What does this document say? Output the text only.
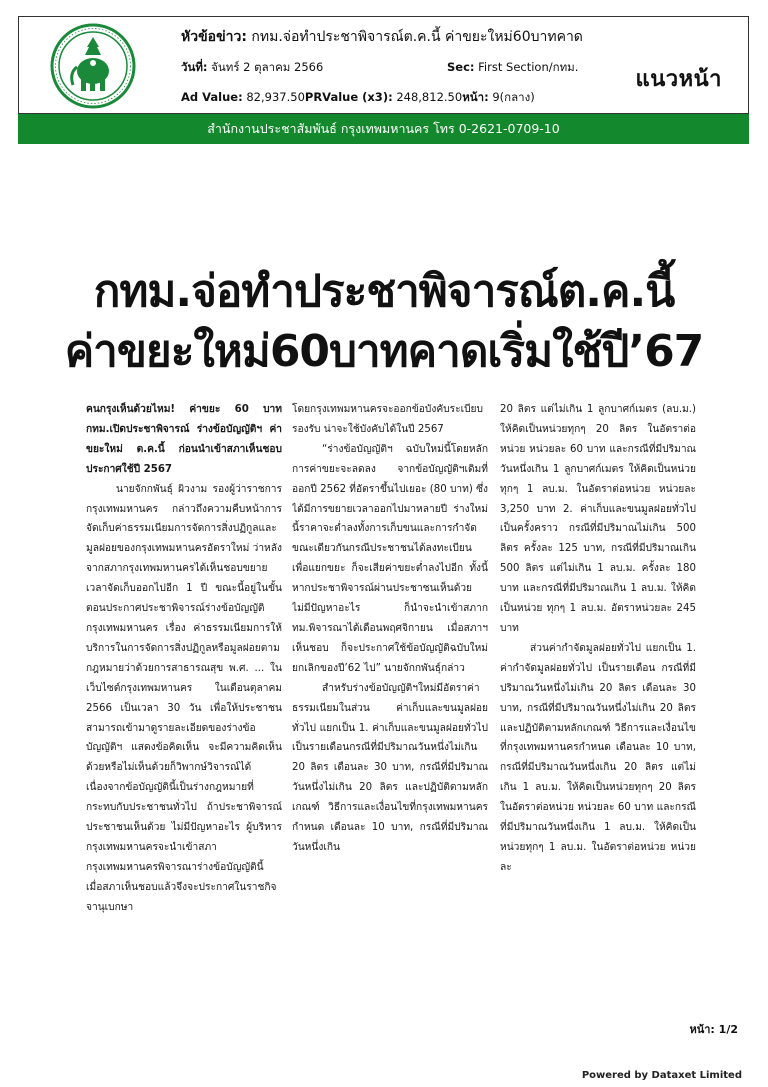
หัวข้อข่าว: กทม.จ่อทำประชาพิจารณ์ต.ค.นี้ ค่าขยะใหม่60บาทคาด
วันที่: จันทร์ 2 ตุลาคม 2566	Sec: First Section/กทม.
Ad Value: 82,937.50PRValue (x3): 248,812.50หน้า: 9(กลาง)
แนวหน้า
สำนักงานประชาสัมพันธ์ กรุงเทพมหานคร โทร 0-2621-0709-10
กทม.จ่อทำประชาพิจารณ์ต.ค.นี้
ค่าขยะใหม่60บาทคาดเริ่มใช้ปี’67

คนกรุงเห็นด้วยไหม! ค่าขยะ 60 บาท กทม.เปิดประชาพิจารณ์ ร่างข้อบัญญัติฯ ค่าขยะใหม่ ต.ค.นี้ ก่อนนำเข้าสภาเห็นชอบ ประกาศใช้ปี 2567

นายจักกพันธุ์ ผิวงาม รองผู้ว่าราชการกรุงเทพมหานคร กล่าวถึงความคืบหน้าการจัดเก็บค่าธรรมเนียมการจัดการสิ่งปฏิกูลและมูลฝอยของกรุงเทพมหานครอัตราใหม่ ว่าหลังจากสภากรุงเทพมหานครได้เห็นชอบขยายเวลาจัดเก็บออกไปอีก 1 ปี ขณะนี้อยู่ในขั้นตอนประกาศประชาพิจารณ์ร่างข้อบัญญัติกรุงเทพมหานคร เรื่อง ค่าธรรมเนียมการให้บริการในการจัดการสิ่งปฏิกูลหรือมูลฝอยตามกฎหมายว่าด้วยการสาธารณสุข พ.ศ. ... ในเว็บไซต์กรุงเทพมหานคร ในเดือนตุลาคม 2566 เป็นเวลา 30 วัน เพื่อให้ประชาชนสามารถเข้ามาดูรายละเอียดของร่างข้อบัญญัติฯ แสดงข้อคิดเห็น จะมีความคิดเห็นด้วยหรือไม่เห็นด้วยก็วิพากษ์วิจารณ์ได้ เนื่องจากข้อบัญญัตินี้เป็นร่างกฎหมายที่กระทบกับประชาชนทั่วไป ถ้าประชาพิจารณ์ประชาชนเห็นด้วย ไม่มีปัญหาอะไร ผู้บริหารกรุงเทพมหานครจะนำเข้าสภากรุงเทพมหานครพิจารณาร่างข้อบัญญัตินี้ เมื่อสภาเห็นชอบแล้วจึงจะประกาศในราชกิจจานุเบกษา

โดยกรุงเทพมหานครจะออกข้อบังคับระเบียบรองรับ น่าจะใช้บังคับได้ในปี 2567

“ร่างข้อบัญญัติฯ ฉบับใหม่นี้โดยหลักการค่าขยะจะลดลง จากข้อบัญญัติฯเดิมที่ออกปี 2562 ที่อัตราขึ้นไปเยอะ (80 บาท) ซึ่งได้มีการขยายเวลาออกไปมาหลายปี ร่างใหม่นี้ราคาจะต่ำลงทั้งการเก็บขนและการกำจัด ขณะเดียวกันกรณีประชาชนได้ลงทะเบียนเพื่อแยกขยะ ก็จะเสียค่าขยะต่ำลงไปอีก ทั้งนี้ หากประชาพิจารณ์ผ่านประชาชนเห็นด้วย ไม่มีปัญหาอะไร ก็นำจะนำเข้าสภากทม.พิจารณาได้เดือนพฤศจิกายน เมื่อสภาฯเห็นชอบ ก็จะประกาศใช้ข้อบัญญัติฉบับใหม่ ยกเลิกของปี’62 ไป” นายจักกพันธุ์กล่าว

สำหรับร่างข้อบัญญัติฯใหม่มีอัตราค่าธรรมเนียมในส่วน ค่าเก็บและขนมูลฝอยทั่วไป แยกเป็น 1. ค่าเก็บและขนมูลฝอยทั่วไป เป็นรายเดือนกรณีที่มีปริมาณวันหนึ่งไม่เกิน 20 ลิตร เดือนละ 30 บาท, กรณีที่มีปริมาณวันหนึ่งไม่เกิน 20 ลิตร และปฏิบัติตามหลักเกณฑ์ วิธีการและเงื่อนไขที่กรุงเทพมหานครกำหนด เดือนละ 10 บาท, กรณีที่มีปริมาณวันหนึ่งเกิน

20 ลิตร แต่ไม่เกิน 1 ลูกบาศก์เมตร (ลบ.ม.) ให้คิดเป็นหน่วยทุกๆ 20 ลิตร ในอัตราต่อหน่วย หน่วยละ 60 บาท และกรณีที่มีปริมาณวันหนึ่งเกิน 1 ลูกบาศก์เมตร ให้คิดเป็นหน่วยทุกๆ 1 ลบ.ม. ในอัตราต่อหน่วย หน่วยละ 3,250 บาท 2. ค่าเก็บและขนมูลฝอยทั่วไป เป็นครั้งคราว กรณีที่มีปริมาณไม่เกิน 500 ลิตร ครั้งละ 125 บาท, กรณีที่มีปริมาณเกิน 500 ลิตร แต่ไม่เกิน 1 ลบ.ม. ครั้งละ 180 บาท และกรณีที่มีปริมาณเกิน 1 ลบ.ม. ให้คิดเป็นหน่วย ทุกๆ 1 ลบ.ม. อัตราหน่วยละ 245 บาท

ส่วนค่ากำจัดมูลฝอยทั่วไป แยกเป็น 1. ค่ากำจัดมูลฝอยทั่วไป เป็นรายเดือน กรณีที่มีปริมาณวันหนึ่งไม่เกิน 20 ลิตร เดือนละ 30 บาท, กรณีที่มีปริมาณวันหนึ่งไม่เกิน 20 ลิตร และปฏิบัติตามหลักเกณฑ์ วิธีการและเงื่อนไขที่กรุงเทพมหานครกำหนด เดือนละ 10 บาท, กรณีที่มีปริมาณวันหนึ่งเกิน 20 ลิตร แต่ไม่เกิน 1 ลบ.ม. ให้คิดเป็นหน่วยทุกๆ 20 ลิตร ในอัตราต่อหน่วย หน่วยละ 60 บาท และกรณีที่มีปริมาณวันหนึ่งเกิน 1 ลบ.ม. ให้คิดเป็นหน่วยทุกๆ 1 ลบ.ม. ในอัตราต่อหน่วย หน่วยละ

หน้า: 1/2
Powered by Dataxet Limited
